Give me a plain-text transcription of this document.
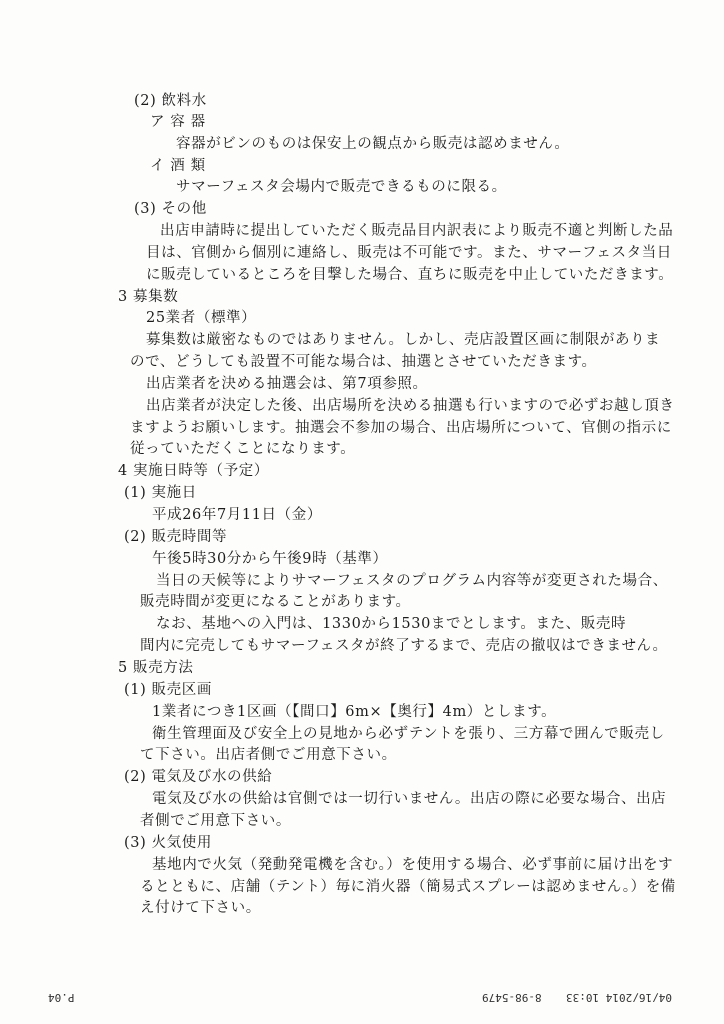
(2) 飲料水
ア 容 器
容器がビンのものは保安上の観点から販売は認めません。
イ 酒 類
サマーフェスタ会場内で販売できるものに限る。
(3) その他
出店申請時に提出していただく販売品目内訳表により販売不適と判断した品
目は、官側から個別に連絡し、販売は不可能です。また、サマーフェスタ当日
に販売しているところを目撃した場合、直ちに販売を中止していただきます。
3 募集数
25業者（標準）
募集数は厳密なものではありません。しかし、売店設置区画に制限がありま
ので、どうしても設置不可能な場合は、抽選とさせていただきます。
出店業者を決める抽選会は、第7項参照。
出店業者が決定した後、出店場所を決める抽選も行いますので必ずお越し頂き
ますようお願いします。抽選会不参加の場合、出店場所について、官側の指示に
従っていただくことになります。
4 実施日時等（予定）
(1) 実施日
平成26年7月11日（金）
(2) 販売時間等
午後5時30分から午後9時（基準）
当日の天候等によりサマーフェスタのプログラム内容等が変更された場合、
販売時間が変更になることがあります。
なお、基地への入門は、1330から1530までとします。また、販売時
間内に完売してもサマーフェスタが終了するまで、売店の撤収はできません。
5 販売方法
(1) 販売区画
1業者につき1区画（【間口】6m×【奥行】4m）とします。
衛生管理面及び安全上の見地から必ずテントを張り、三方幕で囲んで販売し
て下さい。出店者側でご用意下さい。
(2) 電気及び水の供給
電気及び水の供給は官側では一切行いません。出店の際に必要な場合、出店
者側でご用意下さい。
(3) 火気使用
基地内で火気（発動発電機を含む。）を使用する場合、必ず事前に届け出をす
るとともに、店舗（テント）毎に消火器（簡易式スプレーは認めません。）を備
え付けて下さい。
P.04	8-98-5479 04/16/2014 10:33
